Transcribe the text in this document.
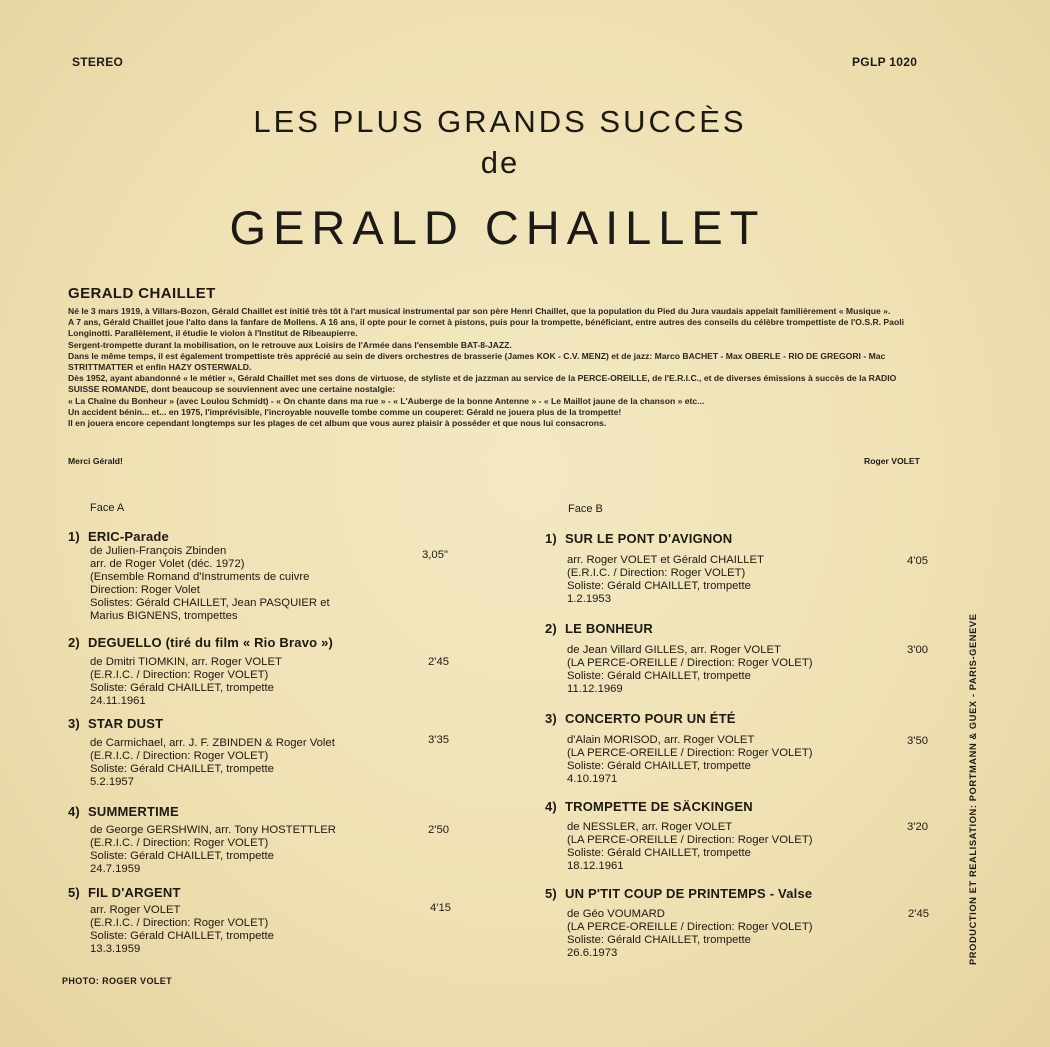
STEREO	PGLP 1020
LES PLUS GRANDS SUCCÈS
de
GERALD CHAILLET
GERALD CHAILLET

Né le 3 mars 1919, à Villars-Bozon, Gérald Chaillet est initié très tôt à l'art musical instrumental par son père Henri Chaillet, que la population du Pied du Jura vaudais appelait familièrement « Musique ».

A 7 ans, Gérald Chaillet joue l'alto dans la fanfare de Mollens. A 16 ans, il opte pour le cornet à pistons, puis pour la trompette, bénéficiant, entre autres des conseils du célèbre trompettiste de l'O.S.R. Paoli Longinotti. Parallèlement, il étudie le violon à l'Institut de Ribeaupierre.

Sergent-trompette durant la mobilisation, on le retrouve aux Loisirs de l'Armée dans l'ensemble BAT-8-JAZZ.

Dans le même temps, il est également trompettiste très apprécié au sein de divers orchestres de brasserie (James KOK - C.V. MENZ) et de jazz: Marco BACHET - Max OBERLE - RIO DE GREGORI - Mac STRITTMATTER et enfin HAZY OSTERWALD.

Dès 1952, ayant abandonné « le métier », Gérald Chaillet met ses dons de virtuose, de styliste et de jazzman au service de la PERCE-OREILLE, de l'E.R.I.C., et de diverses émissions à succès de la RADIO SUISSE ROMANDE, dont beaucoup se souviennent avec une certaine nostalgie:

« La Chaîne du Bonheur » (avec Loulou Schmidt) - « On chante dans ma rue » - « L'Auberge de la bonne Antenne » - « Le Maillot jaune de la chanson » etc...

Un accident bénin... et... en 1975, l'imprévisible, l'incroyable nouvelle tombe comme un couperet: Gérald ne jouera plus de la trompette!

Il en jouera encore cependant longtemps sur les plages de cet album que vous aurez plaisir à posséder et que nous lui consacrons.

Merci Gérald!	Roger VOLET
Face A
1) ERIC-Parade
de Julien-François Zbinden
arr. de Roger Volet (déc. 1972)
(Ensemble Romand d'Instruments de cuivre
Direction: Roger Volet
Solistes: Gérald CHAILLET, Jean PASQUIER et
Marius BIGNENS, trompettes
3,05"
2) DEGUELLO (tiré du film « Rio Bravo »)
de Dmitri TIOMKIN, arr. Roger VOLET
(E.R.I.C. / Direction: Roger VOLET)
Soliste: Gérald CHAILLET, trompette
24.11.1961
2'45
3) STAR DUST
de Carmichael, arr. J. F. ZBINDEN & Roger Volet
(E.R.I.C. / Direction: Roger VOLET)
Soliste: Gérald CHAILLET, trompette
5.2.1957
3'35
4) SUMMERTIME
de George GERSHWIN, arr. Tony HOSTETTLER
(E.R.I.C. / Direction: Roger VOLET)
Soliste: Gérald CHAILLET, trompette
24.7.1959
2'50
5) FIL D'ARGENT
arr. Roger VOLET
(E.R.I.C. / Direction: Roger VOLET)
Soliste: Gérald CHAILLET, trompette
13.3.1959
4'15
Face B
1) SUR LE PONT D'AVIGNON
arr. Roger VOLET et Gérald CHAILLET
(E.R.I.C. / Direction: Roger VOLET)
Soliste: Gérald CHAILLET, trompette
1.2.1953
4'05
2) LE BONHEUR
de Jean Villard GILLES, arr. Roger VOLET
(LA PERCE-OREILLE / Direction: Roger VOLET)
Soliste: Gérald CHAILLET, trompette
11.12.1969
3'00
3) CONCERTO POUR UN ÉTÉ
d'Alain MORISOD, arr. Roger VOLET
(LA PERCE-OREILLE / Direction: Roger VOLET)
Soliste: Gérald CHAILLET, trompette
4.10.1971
3'50
4) TROMPETTE DE SÄCKINGEN
de NESSLER, arr. Roger VOLET
(LA PERCE-OREILLE / Direction: Roger VOLET)
Soliste: Gérald CHAILLET, trompette
18.12.1961
3'20
5) UN P'TIT COUP DE PRINTEMPS - Valse
de Géo VOUMARD
(LA PERCE-OREILLE / Direction: Roger VOLET)
Soliste: Gérald CHAILLET, trompette
26.6.1973
2'45
PHOTO: ROGER VOLET
PRODUCTION ET REALISATION: PORTMANN & GUEX - PARIS-GENEVE
